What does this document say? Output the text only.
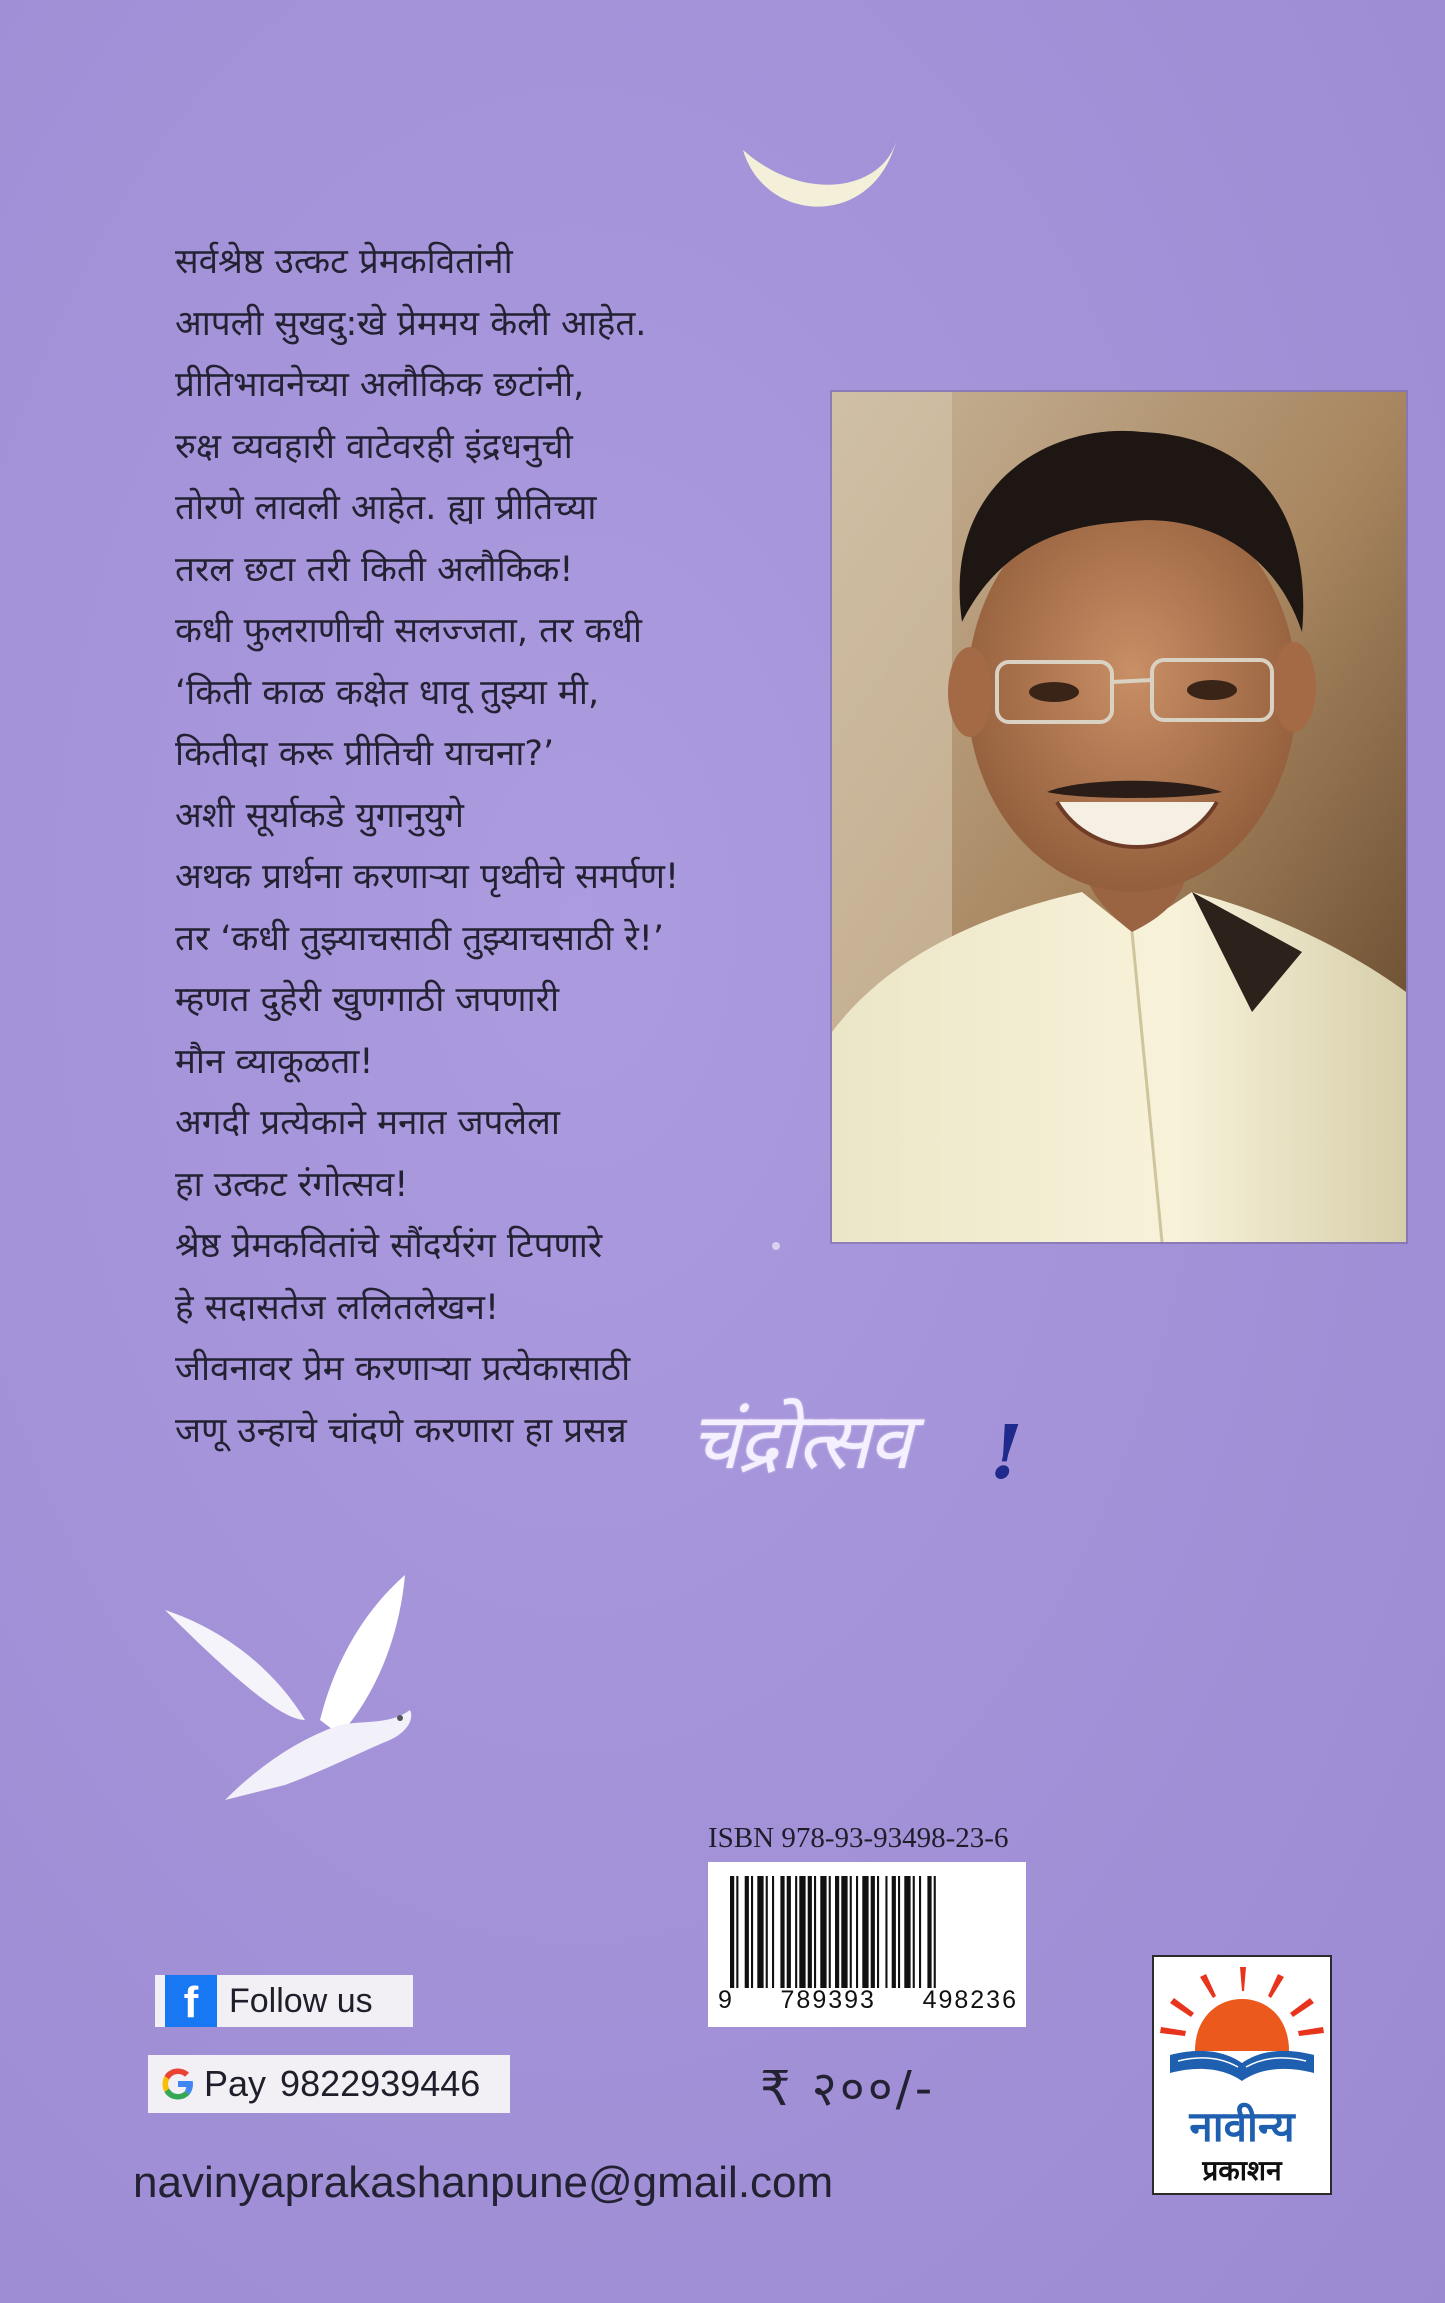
सर्वश्रेष्ठ उत्कट प्रेमकवितांनी
आपली सुखदु:खे प्रेममय केली आहेत.
प्रीतिभावनेच्या अलौकिक छटांनी,
रुक्ष व्यवहारी वाटेवरही इंद्रधनुची
तोरणे लावली आहेत. ह्या प्रीतिच्या
तरल छटा तरी किती अलौकिक!
कधी फुलराणीची सलज्जता, तर कधी
‘किती काळ कक्षेत धावू तुझ्या मी,
कितीदा करू प्रीतिची याचना?’
अशी सूर्याकडे युगानुयुगे
अथक प्रार्थना करणाऱ्या पृथ्वीचे समर्पण!
तर ‘कधी तुझ्याचसाठी तुझ्याचसाठी रे!’
म्हणत दुहेरी खुणगाठी जपणारी
मौन व्याकूळता!
अगदी प्रत्येकाने मनात जपलेला
हा उत्कट रंगोत्सव!
श्रेष्ठ प्रेमकवितांचे सौंदर्यरंग टिपणारे
हे सदासतेज ललितलेखन!
जीवनावर प्रेम करणाऱ्या प्रत्येकासाठी
जणू उन्हाचे चांदणे करणारा हा प्रसन्न चंद्रोत्सव !
ISBN 978-93-93498-23-6
9 789393 498236
f Follow us
Pay 9822939446	₹ २००/-
navinyaprakashanpune@gmail.com
नावीन्य
प्रकाशन
